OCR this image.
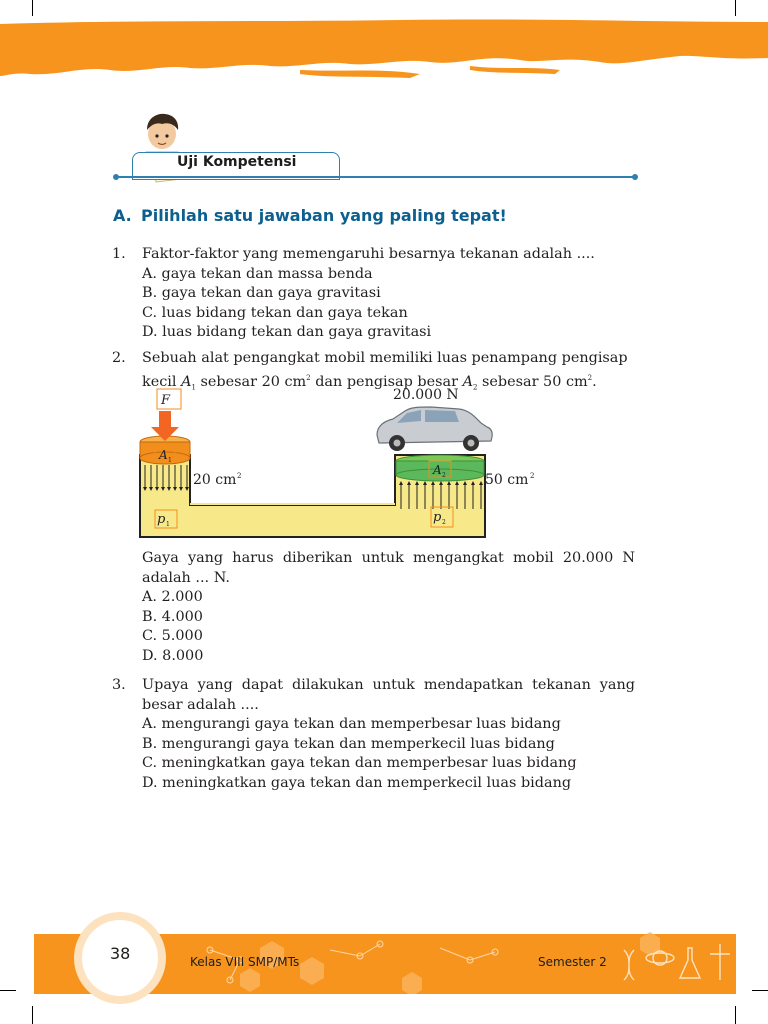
Uji Kompetensi
A. Pilihlah satu jawaban yang paling tepat!
1. Faktor-faktor yang memengaruhi besarnya tekanan adalah ....
A. gaya tekan dan massa benda
B. gaya tekan dan gaya gravitasi
C. luas bidang tekan dan gaya tekan
D. luas bidang tekan dan gaya gravitasi
2. Sebuah alat pengangkat mobil memiliki luas penampang pengisap
kecil $A_1$ sebesar 20 $cm^2$ dan pengisap besar $A_2$ sebesar 50 $cm^2$.
F	20.000 N
A 1
A 2
p 1	p 2
20 cm 2	50 cm 2
Gaya yang harus diberikan untuk mengangkat mobil 20.000 N adalah ... N.
A. 2.000
B. 4.000
C. 5.000
D. 8.000
3. Upaya yang dapat dilakukan untuk mendapatkan tekanan yang besar adalah ....
A. mengurangi gaya tekan dan memperbesar luas bidang
B. mengurangi gaya tekan dan memperkecil luas bidang
C. meningkatkan gaya tekan dan memperbesar luas bidang
D. meningkatkan gaya tekan dan memperkecil luas bidang
38	Kelas VIII SMP/MTs	Semester 2
